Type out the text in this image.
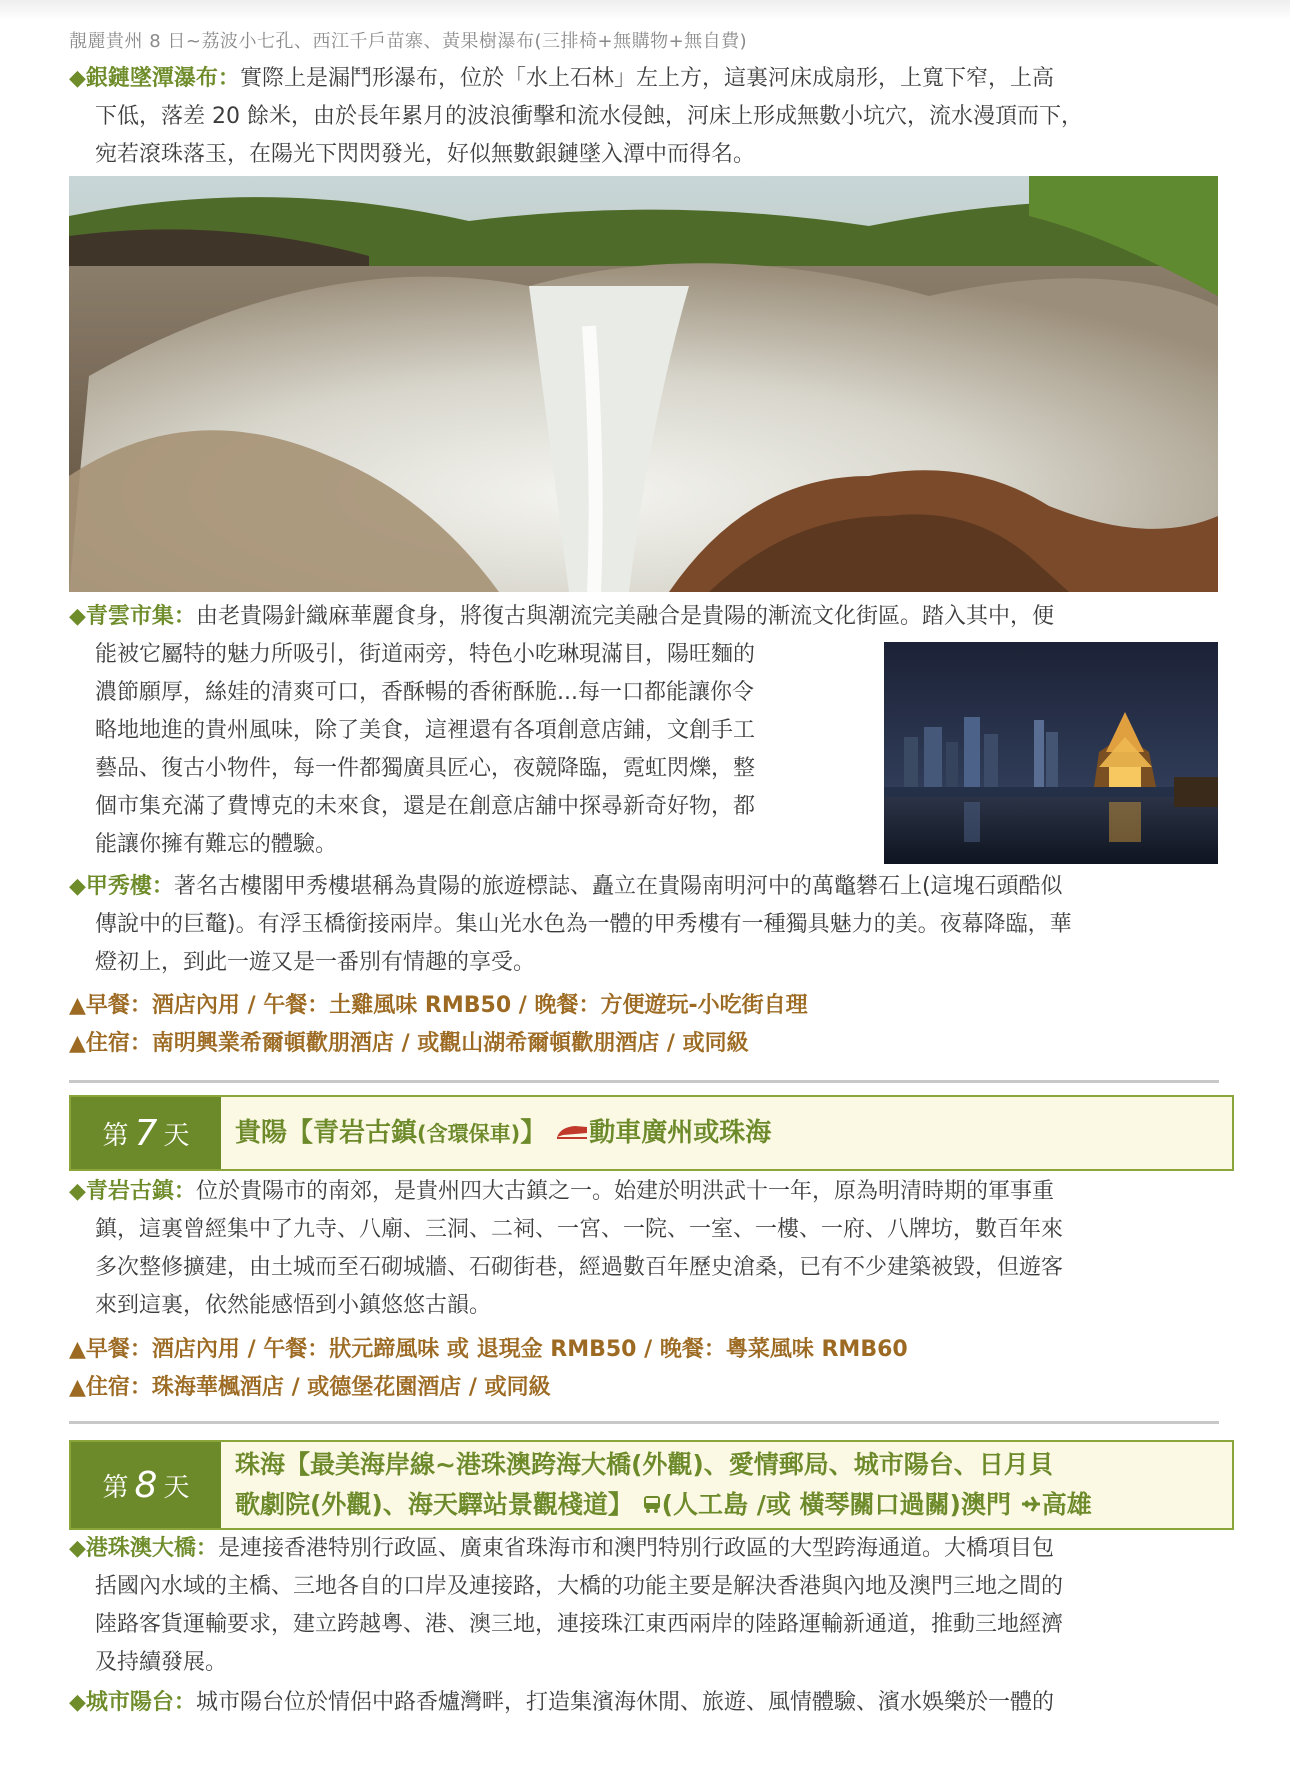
靚麗貴州 8 日~荔波小七孔、西江千戶苗寨、黃果樹瀑布(三排椅+無購物+無自費)
◆銀鏈墜潭瀑布：實際上是漏鬥形瀑布，位於「水上石林」左上方，這裏河床成扇形，上寬下窄，上高
下低，落差 20 餘米，由於長年累月的波浪衝擊和流水侵蝕，河床上形成無數小坑穴，流水漫頂而下，
宛若滾珠落玉，在陽光下閃閃發光，好似無數銀鏈墜入潭中而得名。
◆青雲市集：由老貴陽針織麻華麗食身，將復古與潮流完美融合是貴陽的漸流文化街區。踏入其中，便
能被它屬特的魅力所吸引，街道兩旁，特色小吃琳現滿目，陽旺麵的
濃節願厚，絲娃的清爽可口，香酥暢的香術酥脆...每一口都能讓你令
略地地進的貴州風味，除了美食，這裡還有各項創意店鋪，文創手工
藝品、復古小物件，每一件都獨廣具匠心，夜競降臨，霓虹閃爍，整
個市集充滿了費博克的未來食，還是在創意店舖中探尋新奇好物，都
能讓你擁有難忘的體驗。
◆甲秀樓：著名古樓閣甲秀樓堪稱為貴陽的旅遊標誌、矗立在貴陽南明河中的萬鼈礬石上(這塊石頭酷似
傳說中的巨鼇)。有浮玉橋銜接兩岸。集山光水色為一體的甲秀樓有一種獨具魅力的美。夜幕降臨，華
燈初上，到此一遊又是一番別有情趣的享受。
▲早餐：酒店內用 / 午餐：土雞風味 RMB50 / 晚餐：方便遊玩-小吃街自理
▲住宿：南明興業希爾頓歡朋酒店 / 或觀山湖希爾頓歡朋酒店 / 或同級
第 7 天 貴陽【青岩古鎮(含環保車)】 動車廣州或珠海
◆青岩古鎮：位於貴陽市的南郊，是貴州四大古鎮之一。始建於明洪武十一年，原為明清時期的軍事重
鎮，這裏曾經集中了九寺、八廟、三洞、二祠、一宮、一院、一室、一樓、一府、八牌坊，數百年來
多次整修擴建，由土城而至石砌城牆、石砌街巷，經過數百年歷史滄桑，已有不少建築被毀，但遊客
來到這裏，依然能感悟到小鎮悠悠古韻。
▲早餐：酒店內用 / 午餐：狀元蹄風味 或 退現金 RMB50 / 晚餐：粵菜風味 RMB60
▲住宿：珠海華楓酒店 / 或德堡花園酒店 / 或同級
第 8 天
珠海【最美海岸線~港珠澳跨海大橋(外觀)、愛情郵局、城市陽台、日月貝
歌劇院(外觀)、海天驛站景觀棧道】 (人工島 /或 橫琴關口過關)澳門 高雄
◆港珠澳大橋：是連接香港特別行政區、廣東省珠海市和澳門特別行政區的大型跨海通道。大橋項目包
括國內水域的主橋、三地各自的口岸及連接路，大橋的功能主要是解決香港與內地及澳門三地之間的
陸路客貨運輸要求，建立跨越粵、港、澳三地，連接珠江東西兩岸的陸路運輸新通道，推動三地經濟
及持續發展。
◆城市陽台：城市陽台位於情侶中路香爐灣畔，打造集濱海休閒、旅遊、風情體驗、濱水娛樂於一體的
